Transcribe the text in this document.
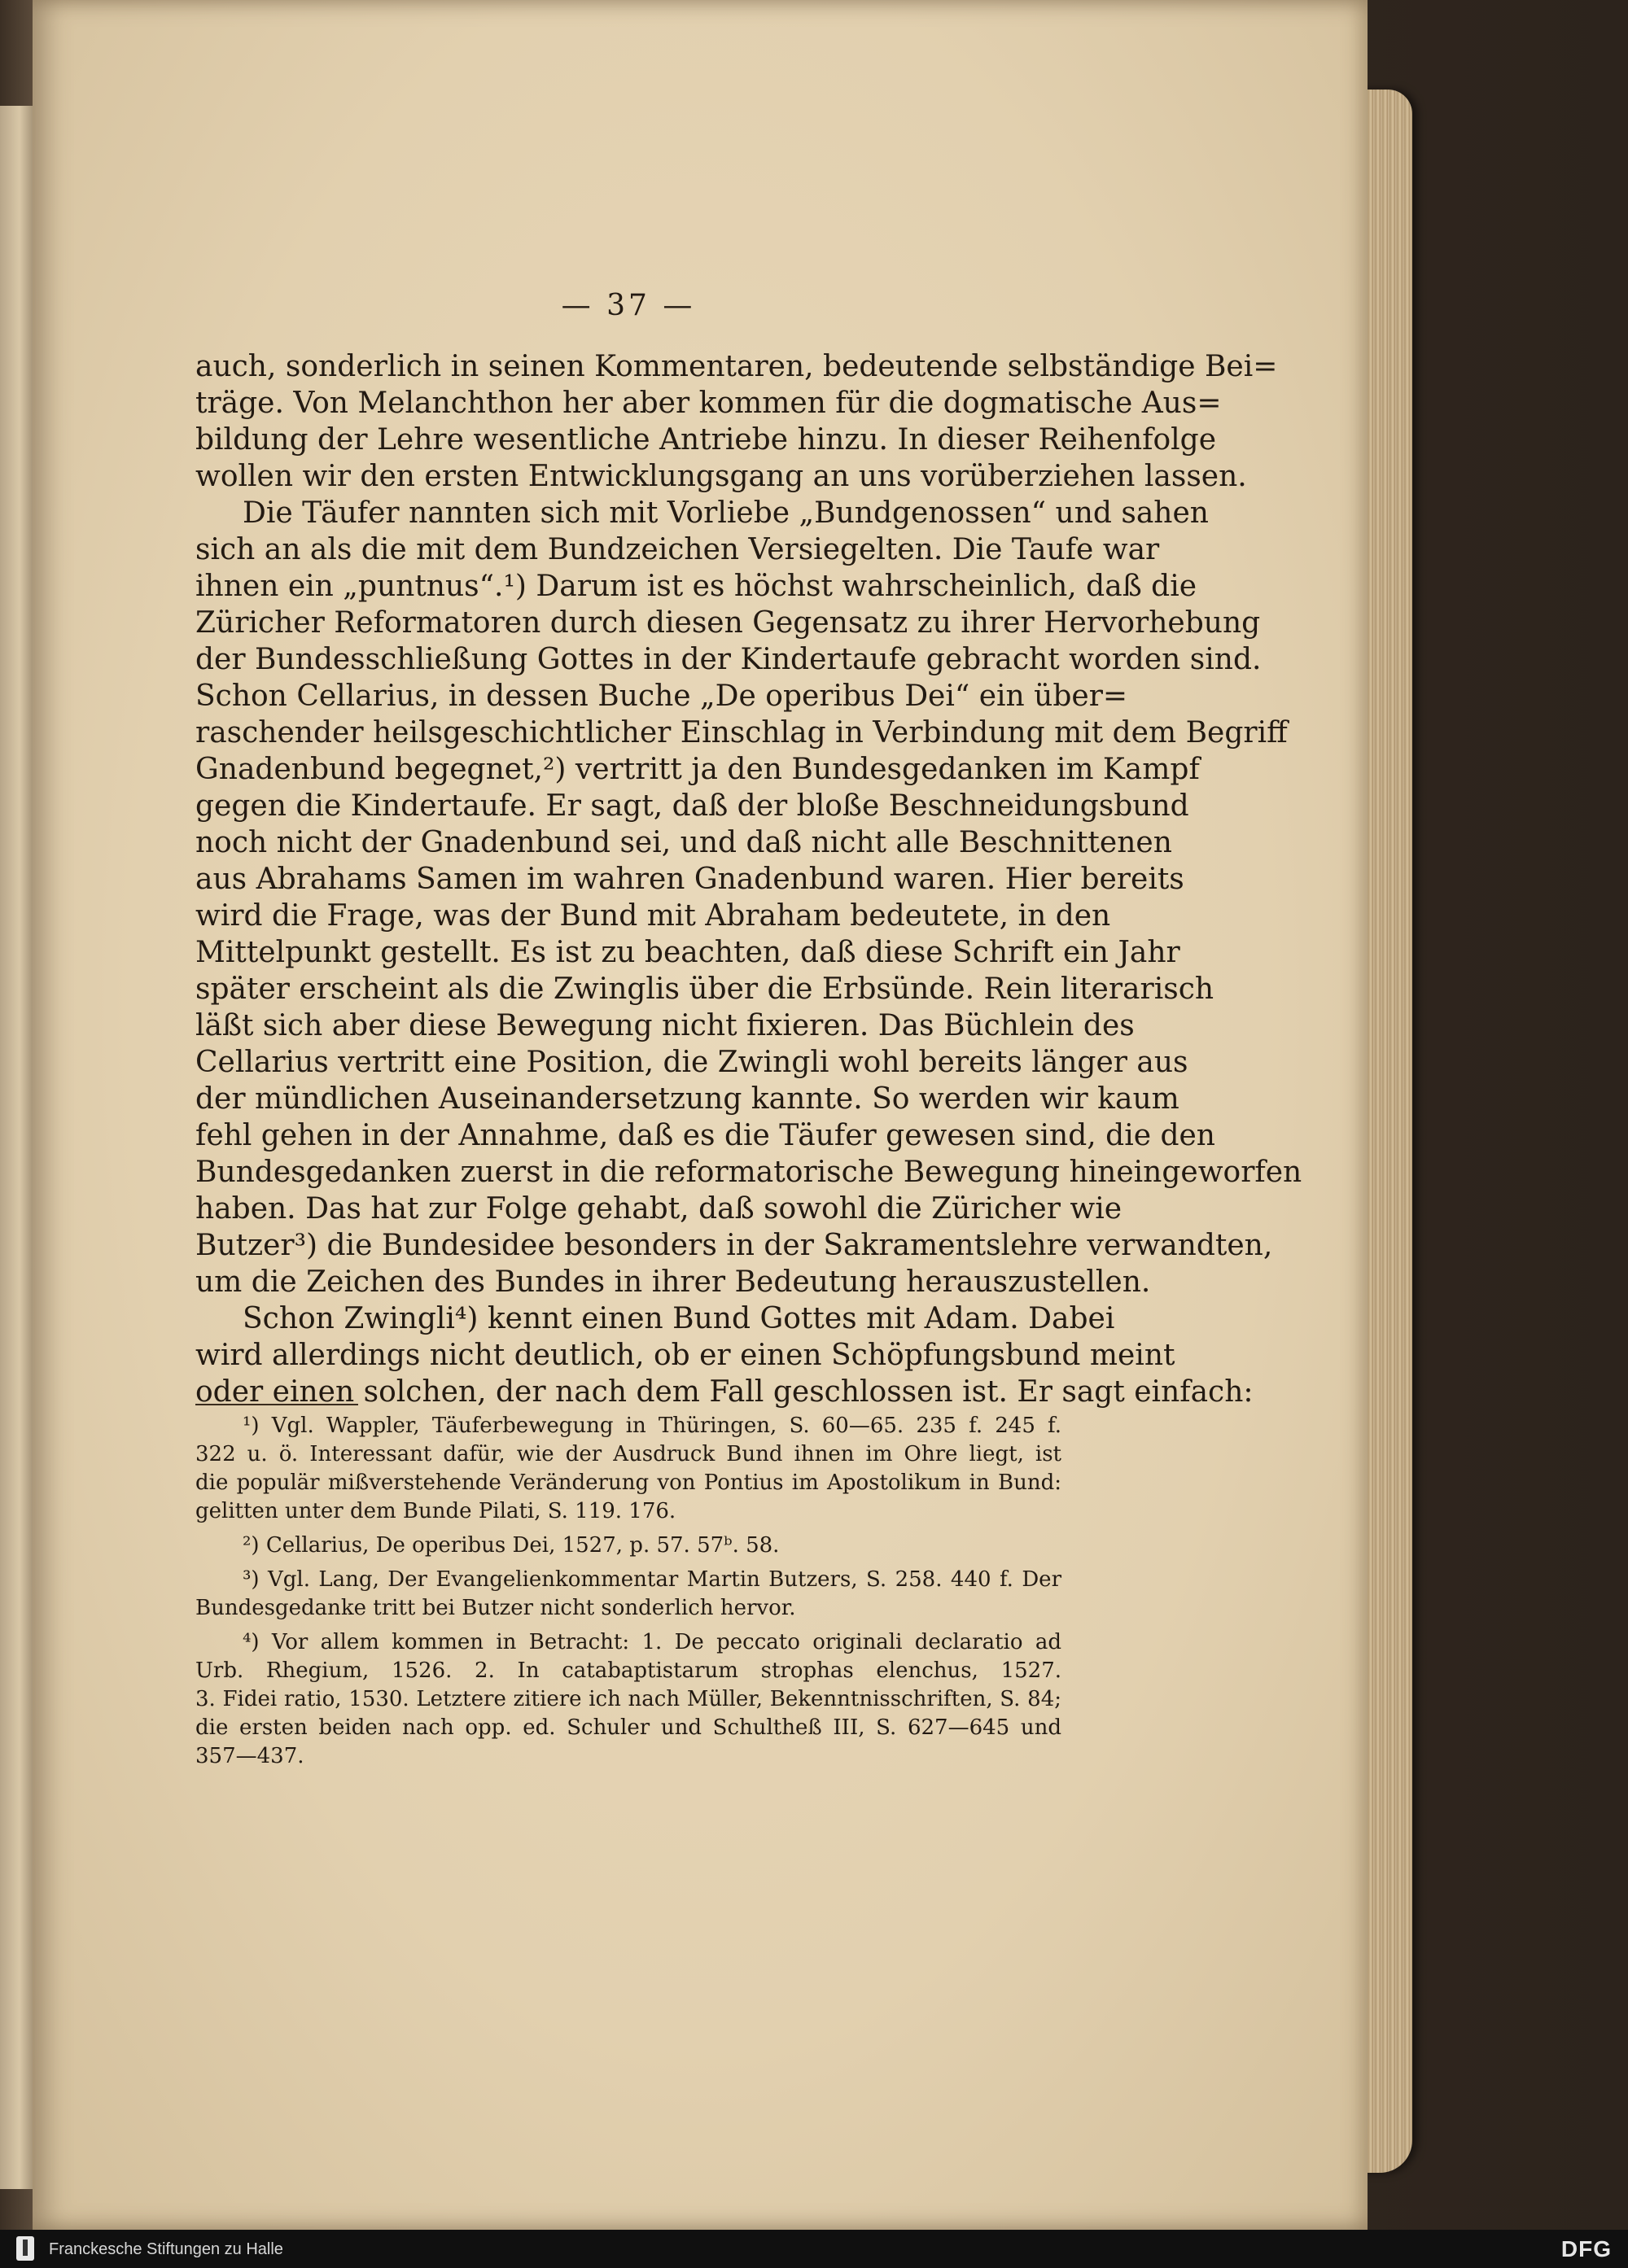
— 37 —
auch, sonderlich in seinen Kommentaren, bedeutende selbständige Bei=
träge. Von Melanchthon her aber kommen für die dogmatische Aus=
bildung der Lehre wesentliche Antriebe hinzu. In dieser Reihenfolge
wollen wir den ersten Entwicklungsgang an uns vorüberziehen lassen.
Die Täufer nannten sich mit Vorliebe „Bundgenossen“ und sahen
sich an als die mit dem Bundzeichen Versiegelten. Die Taufe war
ihnen ein „puntnus“.¹) Darum ist es höchst wahrscheinlich, daß die
Züricher Reformatoren durch diesen Gegensatz zu ihrer Hervorhebung
der Bundesschließung Gottes in der Kindertaufe gebracht worden sind.
Schon Cellarius, in dessen Buche „De operibus Dei“ ein über=
raschender heilsgeschichtlicher Einschlag in Verbindung mit dem Begriff
Gnadenbund begegnet,²) vertritt ja den Bundesgedanken im Kampf
gegen die Kindertaufe. Er sagt, daß der bloße Beschneidungsbund
noch nicht der Gnadenbund sei, und daß nicht alle Beschnittenen
aus Abrahams Samen im wahren Gnadenbund waren. Hier bereits
wird die Frage, was der Bund mit Abraham bedeutete, in den
Mittelpunkt gestellt. Es ist zu beachten, daß diese Schrift ein Jahr
später erscheint als die Zwinglis über die Erbsünde. Rein literarisch
läßt sich aber diese Bewegung nicht fixieren. Das Büchlein des
Cellarius vertritt eine Position, die Zwingli wohl bereits länger aus
der mündlichen Auseinandersetzung kannte. So werden wir kaum
fehl gehen in der Annahme, daß es die Täufer gewesen sind, die den
Bundesgedanken zuerst in die reformatorische Bewegung hineingeworfen
haben. Das hat zur Folge gehabt, daß sowohl die Züricher wie
Butzer³) die Bundesidee besonders in der Sakramentslehre verwandten,
um die Zeichen des Bundes in ihrer Bedeutung herauszustellen.
Schon Zwingli⁴) kennt einen Bund Gottes mit Adam. Dabei
wird allerdings nicht deutlich, ob er einen Schöpfungsbund meint
oder einen solchen, der nach dem Fall geschlossen ist. Er sagt einfach:
¹) Vgl. Wappler, Täuferbewegung in Thüringen, S. 60—65. 235 f. 245 f.
322 u. ö. Interessant dafür, wie der Ausdruck Bund ihnen im Ohre liegt, ist
die populär mißverstehende Veränderung von Pontius im Apostolikum in Bund:
gelitten unter dem Bunde Pilati, S. 119. 176.
²) Cellarius, De operibus Dei, 1527, p. 57. 57ᵇ. 58.
³) Vgl. Lang, Der Evangelienkommentar Martin Butzers, S. 258. 440 f. Der
Bundesgedanke tritt bei Butzer nicht sonderlich hervor.
⁴) Vor allem kommen in Betracht: 1. De peccato originali declaratio ad
Urb. Rhegium, 1526. 2. In catabaptistarum strophas elenchus, 1527.
3. Fidei ratio, 1530. Letztere zitiere ich nach Müller, Bekenntnisschriften, S. 84;
die ersten beiden nach opp. ed. Schuler und Schultheß III, S. 627—645 und
357—437.
Franckesche Stiftungen zu Halle	DFG
